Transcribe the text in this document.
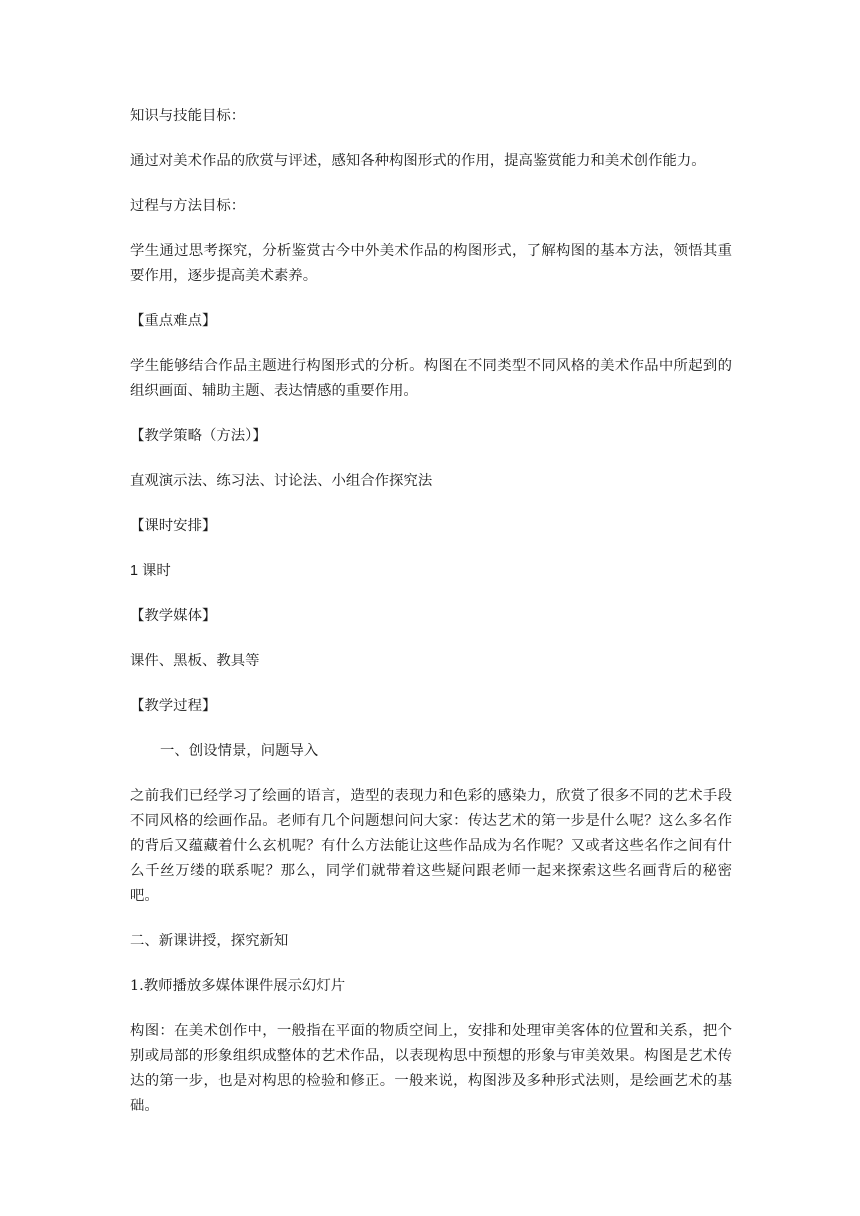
知识与技能目标：

通过对美术作品的欣赏与评述，感知各种构图形式的作用，提高鉴赏能力和美术创作能力。

过程与方法目标：

学生通过思考探究，分析鉴赏古今中外美术作品的构图形式，了解构图的基本方法，领悟其重要作用，逐步提高美术素养。

【重点难点】

学生能够结合作品主题进行构图形式的分析。构图在不同类型不同风格的美术作品中所起到的组织画面、辅助主题、表达情感的重要作用。

【教学策略（方法）】

直观演示法、练习法、讨论法、小组合作探究法

【课时安排】

1 课时

【教学媒体】

课件、黑板、教具等

【教学过程】

一、创设情景，问题导入

之前我们已经学习了绘画的语言，造型的表现力和色彩的感染力，欣赏了很多不同的艺术手段不同风格的绘画作品。老师有几个问题想问问大家：传达艺术的第一步是什么呢？这么多名作的背后又蕴藏着什么玄机呢？有什么方法能让这些作品成为名作呢？又或者这些名作之间有什么千丝万缕的联系呢？那么，同学们就带着这些疑问跟老师一起来探索这些名画背后的秘密吧。

二、新课讲授，探究新知

1.教师播放多媒体课件展示幻灯片

构图：在美术创作中，一般指在平面的物质空间上，安排和处理审美客体的位置和关系，把个别或局部的形象组织成整体的艺术作品，以表现构思中预想的形象与审美效果。构图是艺术传达的第一步，也是对构思的检验和修正。一般来说，构图涉及多种形式法则，是绘画艺术的基础。
